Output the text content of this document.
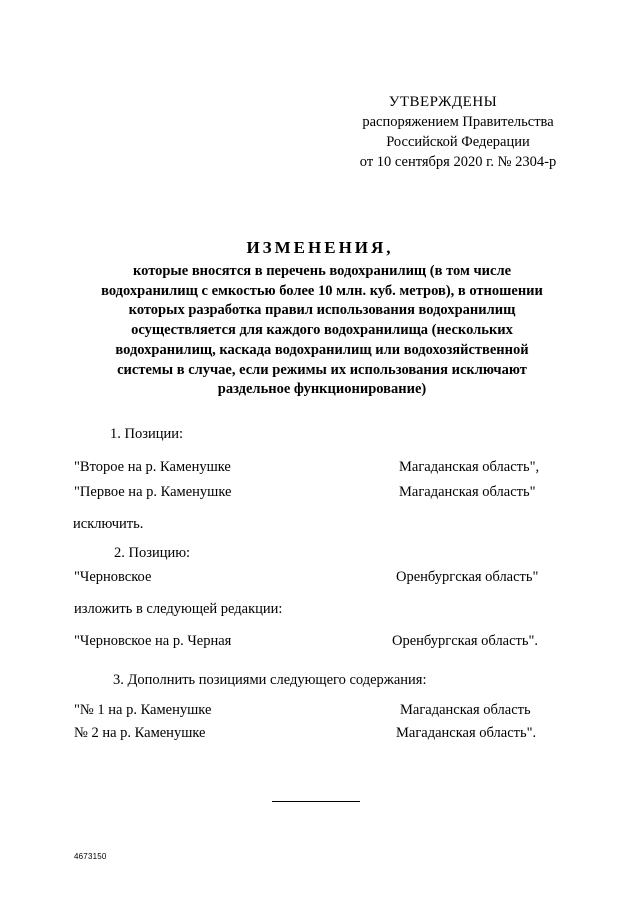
УТВЕРЖДЕНЫ
распоряжением Правительства
Российской Федерации
от 10 сентября 2020 г. № 2304-р
ИЗМЕНЕНИЯ,
которые вносятся в перечень водохранилищ (в том числе
водохранилищ с емкостью более 10 млн. куб. метров), в отношении
которых разработка правил использования водохранилищ
осуществляется для каждого водохранилища (нескольких
водохранилищ, каскада водохранилищ или водохозяйственной
системы в случае, если режимы их использования исключают
раздельное функционирование)
1. Позиции:
"Второе на р. Каменушке	Магаданская область",
"Первое на р. Каменушке	Магаданская область"
исключить.
2. Позицию:
"Черновское	Оренбургская область"
изложить в следующей редакции:
"Черновское на р. Черная	Оренбургская область".
3. Дополнить позициями следующего содержания:
"№ 1 на р. Каменушке	Магаданская область
№ 2 на р. Каменушке	Магаданская область".
4673150
